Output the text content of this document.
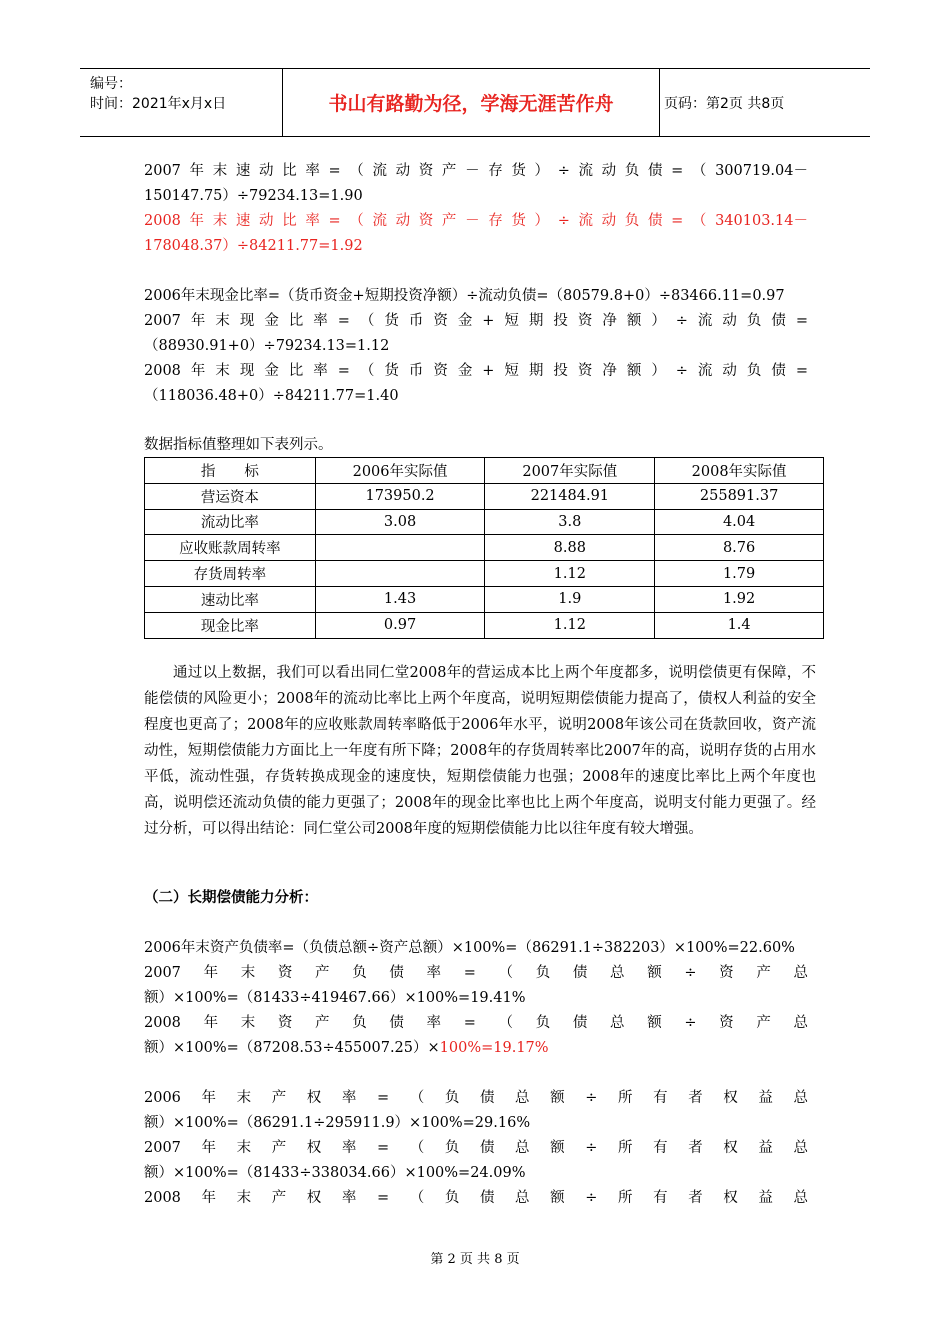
编号：
时间：2021年x月x日	书山有路勤为径，学海无涯苦作舟	页码：第2页 共8页
2007年末速动比率=（流动资产－存货）÷流动负债=（300719.04－
150147.75）÷79234.13=1.90
2008年末速动比率=（流动资产－存货）÷流动负债=（340103.14－
178048.37）÷84211.77=1.92
2006年末现金比率=（货币资金+短期投资净额）÷流动负债=（80579.8+0）÷83466.11=0.97
2007年末现金比率=（货币资金+短期投资净额）÷流动负债=
（88930.91+0）÷79234.13=1.12
2008年末现金比率=（货币资金+短期投资净额）÷流动负债=
（118036.48+0）÷84211.77=1.40
数据指标值整理如下表列示。
指　　标	2006年实际值	2007年实际值	2008年实际值
营运资本	173950.2	221484.91	255891.37
流动比率	3.08	3.8	4.04
应收账款周转率		8.88	8.76
存货周转率		1.12	1.79
速动比率	1.43	1.9	1.92
现金比率	0.97	1.12	1.4
通过以上数据，我们可以看出同仁堂2008年的营运成本比上两个年度都多，说明偿债更有保障，不能偿债的风险更小；2008年的流动比率比上两个年度高，说明短期偿债能力提高了，债权人利益的安全程度也更高了；2008年的应收账款周转率略低于2006年水平，说明2008年该公司在货款回收，资产流动性，短期偿债能力方面比上一年度有所下降；2008年的存货周转率比2007年的高，说明存货的占用水平低，流动性强，存货转换成现金的速度快，短期偿债能力也强；2008年的速度比率比上两个年度也高，说明偿还流动负债的能力更强了；2008年的现金比率也比上两个年度高，说明支付能力更强了。经过分析，可以得出结论：同仁堂公司2008年度的短期偿债能力比以往年度有较大增强。
（二）长期偿债能力分析：
2006年末资产负债率=（负债总额÷资产总额）×100%=（86291.1÷382203）×100%=22.60%
2007年末资产负债率=（负债总额÷资产总
额）×100%=（81433÷419467.66）×100%=19.41%
2008年末资产负债率=（负债总额÷资产总
额）×100%=（87208.53÷455007.25）×100%=19.17%
2006年末产权率=（负债总额÷所有者权益总
额）×100%=（86291.1÷295911.9）×100%=29.16%
2007年末产权率=（负债总额÷所有者权益总
额）×100%=（81433÷338034.66）×100%=24.09%
2008年末产权率=（负债总额÷所有者权益总
第 2 页 共 8 页
